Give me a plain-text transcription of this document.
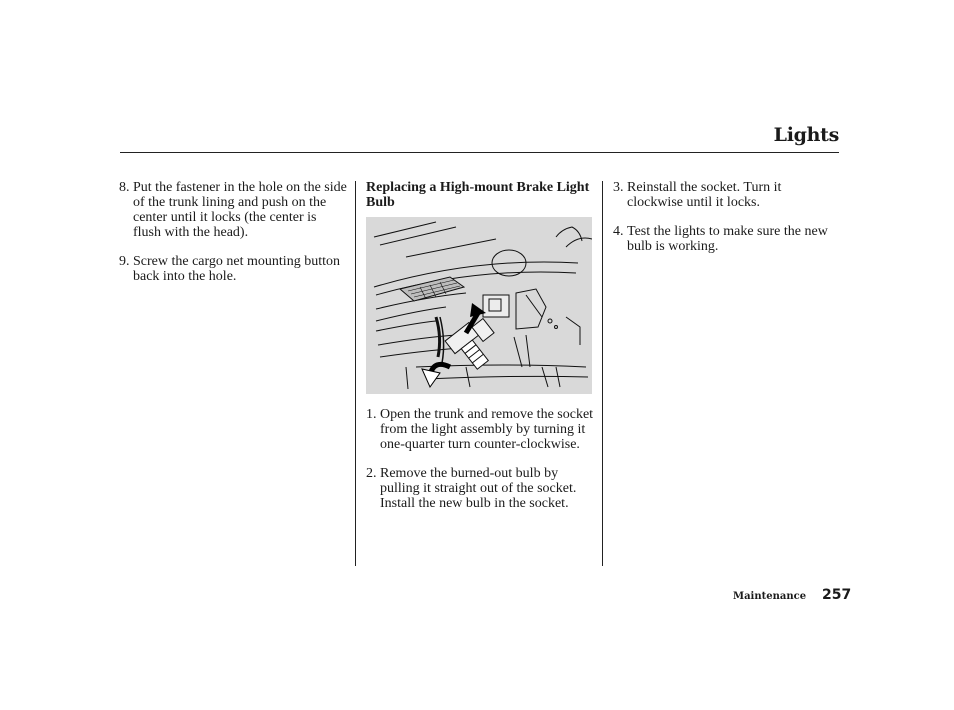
Lights
8. Put the fastener in the hole on the side of the trunk lining and push on the center until it locks (the center is flush with the head).
9. Screw the cargo net mounting button back into the hole.
Replacing a High-mount Brake Light Bulb
1. Open the trunk and remove the socket from the light assembly by turning it one-quarter turn counter-clockwise.
2. Remove the burned-out bulb by pulling it straight out of the socket. Install the new bulb in the socket.
3. Reinstall the socket. Turn it clockwise until it locks.
4. Test the lights to make sure the new bulb is working.
Maintenance 257
